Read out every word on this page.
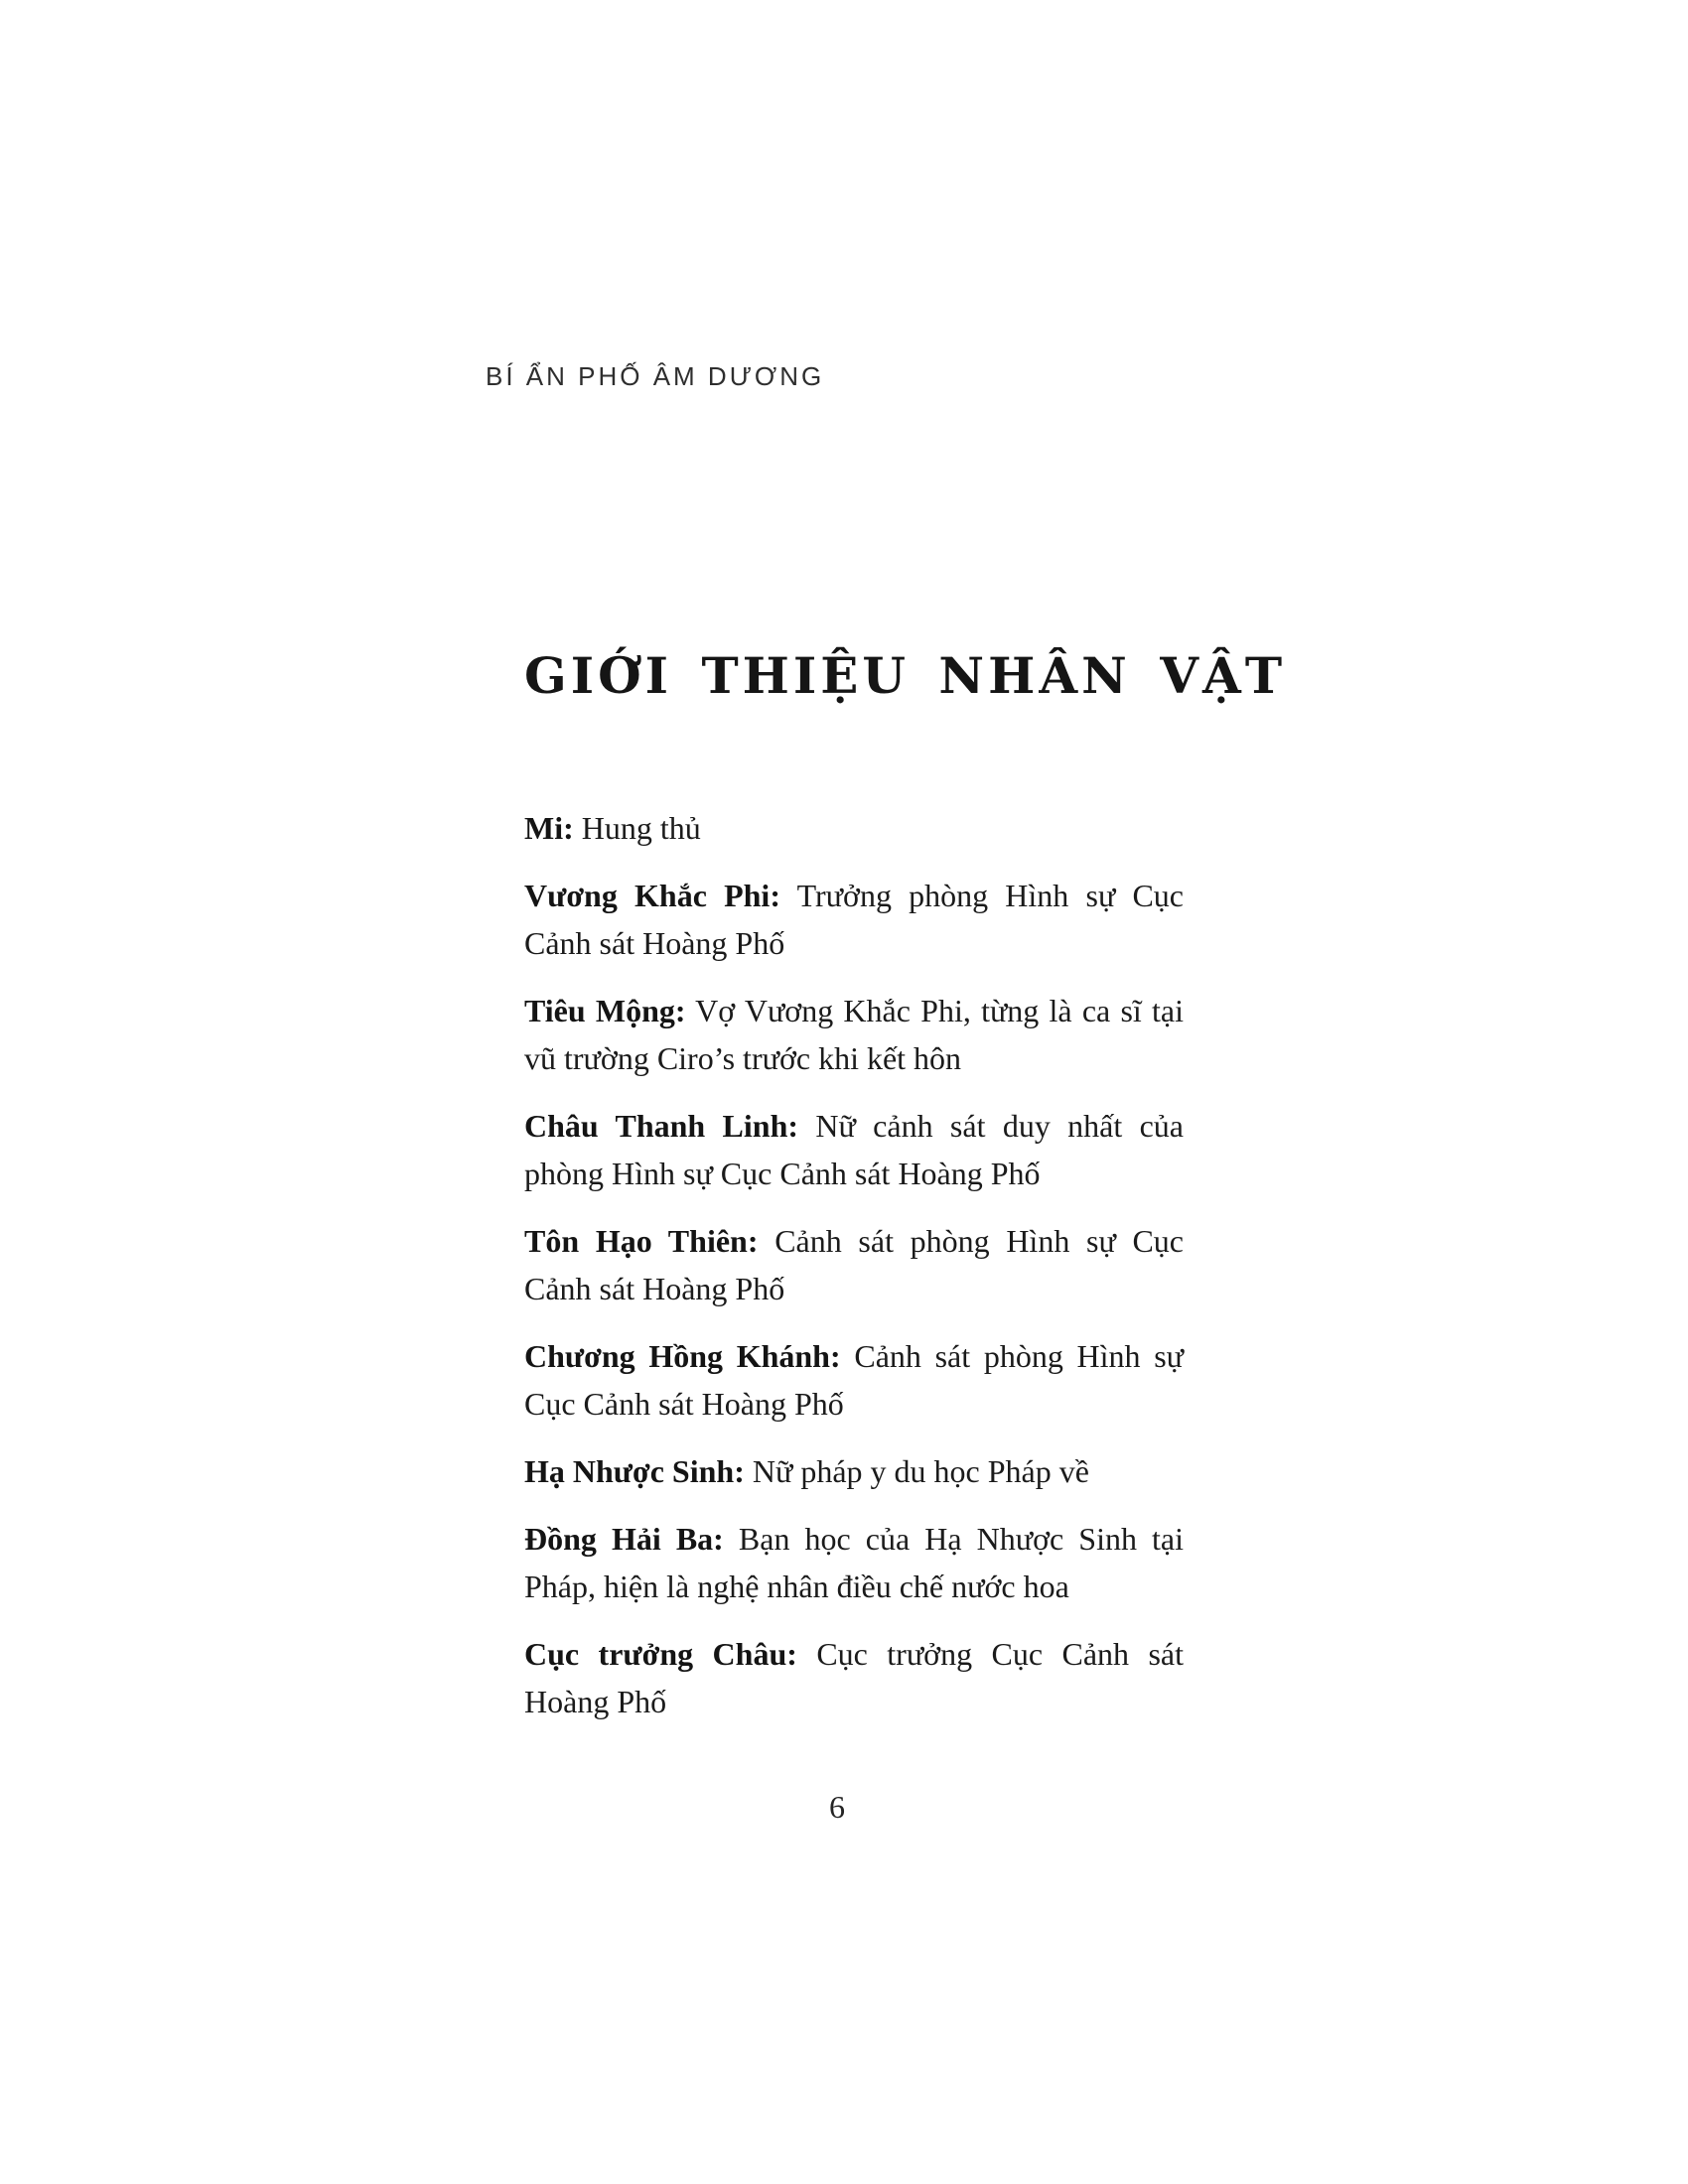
BÍ ẨN PHỐ ÂM DƯƠNG
GIỚI THIỆU NHÂN VẬT

Mi: Hung thủ

Vương Khắc Phi: Trưởng phòng Hình sự Cục Cảnh sát Hoàng Phố

Tiêu Mộng: Vợ Vương Khắc Phi, từng là ca sĩ tại vũ trường Ciro’s trước khi kết hôn

Châu Thanh Linh: Nữ cảnh sát duy nhất của phòng Hình sự Cục Cảnh sát Hoàng Phố

Tôn Hạo Thiên: Cảnh sát phòng Hình sự Cục Cảnh sát Hoàng Phố

Chương Hồng Khánh: Cảnh sát phòng Hình sự Cục Cảnh sát Hoàng Phố

Hạ Nhược Sinh: Nữ pháp y du học Pháp về

Đồng Hải Ba: Bạn học của Hạ Nhược Sinh tại Pháp, hiện là nghệ nhân điều chế nước hoa

Cục trưởng Châu: Cục trưởng Cục Cảnh sát Hoàng Phố

6
